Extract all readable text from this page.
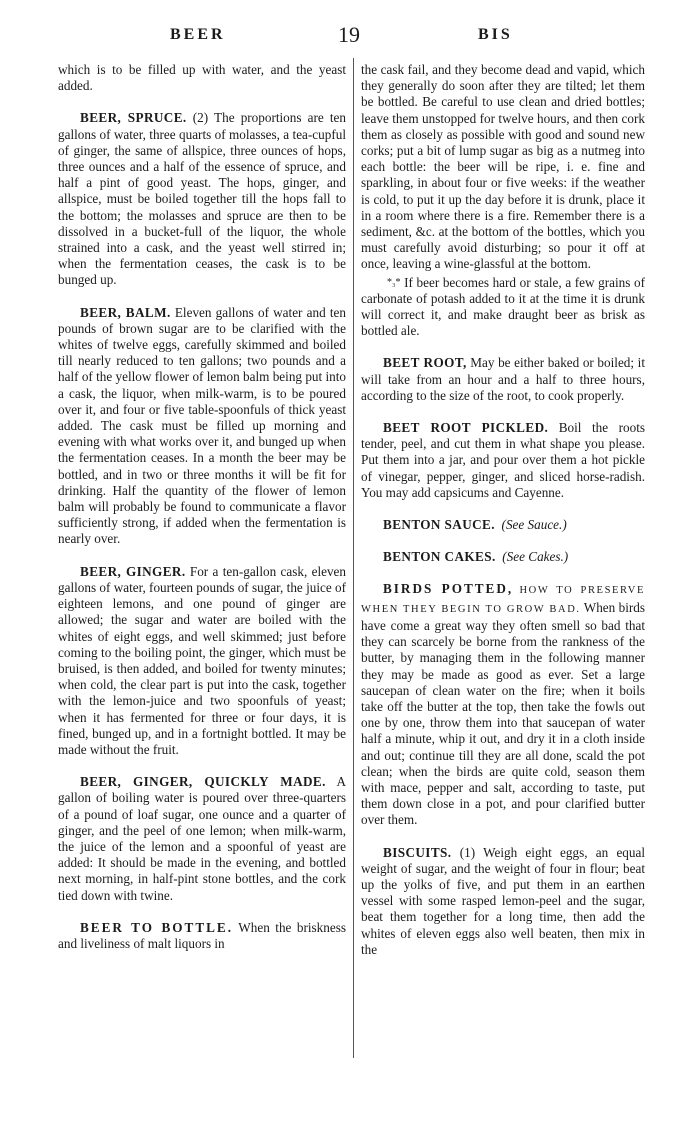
BEER	19	BIS

which is to be filled up with water, and the yeast added.

BEER, SPRUCE. (2) The proportions are ten gallons of water, three quarts of molasses, a tea-cupful of ginger, the same of allspice, three ounces of hops, three ounces and a half of the essence of spruce, and half a pint of good yeast. The hops, ginger, and allspice, must be boiled together till the hops fall to the bottom; the molasses and spruce are then to be dissolved in a bucket-full of the liquor, the whole strained into a cask, and the yeast well stirred in; when the fermentation ceases, the cask is to be bunged up.

BEER, BALM. Eleven gallons of water and ten pounds of brown sugar are to be clarified with the whites of twelve eggs, carefully skimmed and boiled till nearly reduced to ten gallons; two pounds and a half of the yellow flower of lemon balm being put into a cask, the liquor, when milk-warm, is to be poured over it, and four or five table-spoonfuls of thick yeast added. The cask must be filled up morning and evening with what works over it, and bunged up when the fermentation ceases. In a month the beer may be bottled, and in two or three months it will be fit for drinking. Half the quantity of the flower of lemon balm will probably be found to communicate a flavor sufficiently strong, if added when the fermentation is nearly over.

BEER, GINGER. For a ten-gallon cask, eleven gallons of water, fourteen pounds of sugar, the juice of eighteen lemons, and one pound of ginger are allowed; the sugar and water are boiled with the whites of eight eggs, and well skimmed; just before coming to the boiling point, the ginger, which must be bruised, is then added, and boiled for twenty minutes; when cold, the clear part is put into the cask, together with the lemon-juice and two spoonfuls of yeast; when it has fermented for three or four days, it is fined, bunged up, and in a fortnight bottled. It may be made without the fruit.

BEER, GINGER, QUICKLY MADE. A gallon of boiling water is poured over three-quarters of a pound of loaf sugar, one ounce and a quarter of ginger, and the peel of one lemon; when milk-warm, the juice of the lemon and a spoonful of yeast are added: It should be made in the evening, and bottled next morning, in half-pint stone bottles, and the cork tied down with twine.

BEER TO BOTTLE. When the briskness and liveliness of malt liquors in

the cask fail, and they become dead and vapid, which they generally do soon after they are tilted; let them be bottled. Be careful to use clean and dried bottles; leave them unstopped for twelve hours, and then cork them as closely as possible with good and sound new corks; put a bit of lump sugar as big as a nutmeg into each bottle: the beer will be ripe, i. e. fine and sparkling, in about four or five weeks: if the weather is cold, to put it up the day before it is drunk, place it in a room where there is a fire. Remember there is a sediment, &c. at the bottom of the bottles, which you must carefully avoid disturbing; so pour it off at once, leaving a wine-glassful at the bottom.

*₃* If beer becomes hard or stale, a few grains of carbonate of potash added to it at the time it is drunk will correct it, and make draught beer as brisk as bottled ale.

BEET ROOT, May be either baked or boiled; it will take from an hour and a half to three hours, according to the size of the root, to cook properly.

BEET ROOT PICKLED. Boil the roots tender, peel, and cut them in what shape you please. Put them into a jar, and pour over them a hot pickle of vinegar, pepper, ginger, and sliced horse-radish. You may add capsicums and Cayenne.

BENTON SAUCE. (See Sauce.)

BENTON CAKES. (See Cakes.)

BIRDS POTTED, HOW TO PRESERVE WHEN THEY BEGIN TO GROW BAD. When birds have come a great way they often smell so bad that they can scarcely be borne from the rankness of the butter, by managing them in the following manner they may be made as good as ever. Set a large saucepan of clean water on the fire; when it boils take off the butter at the top, then take the fowls out one by one, throw them into that saucepan of water half a minute, whip it out, and dry it in a cloth inside and out; continue till they are all done, scald the pot clean; when the birds are quite cold, season them with mace, pepper and salt, according to taste, put them down close in a pot, and pour clarified butter over them.

BISCUITS. (1) Weigh eight eggs, an equal weight of sugar, and the weight of four in flour; beat up the yolks of five, and put them in an earthen vessel with some rasped lemon-peel and the sugar, beat them together for a long time, then add the whites of eleven eggs also well beaten, then mix in the
